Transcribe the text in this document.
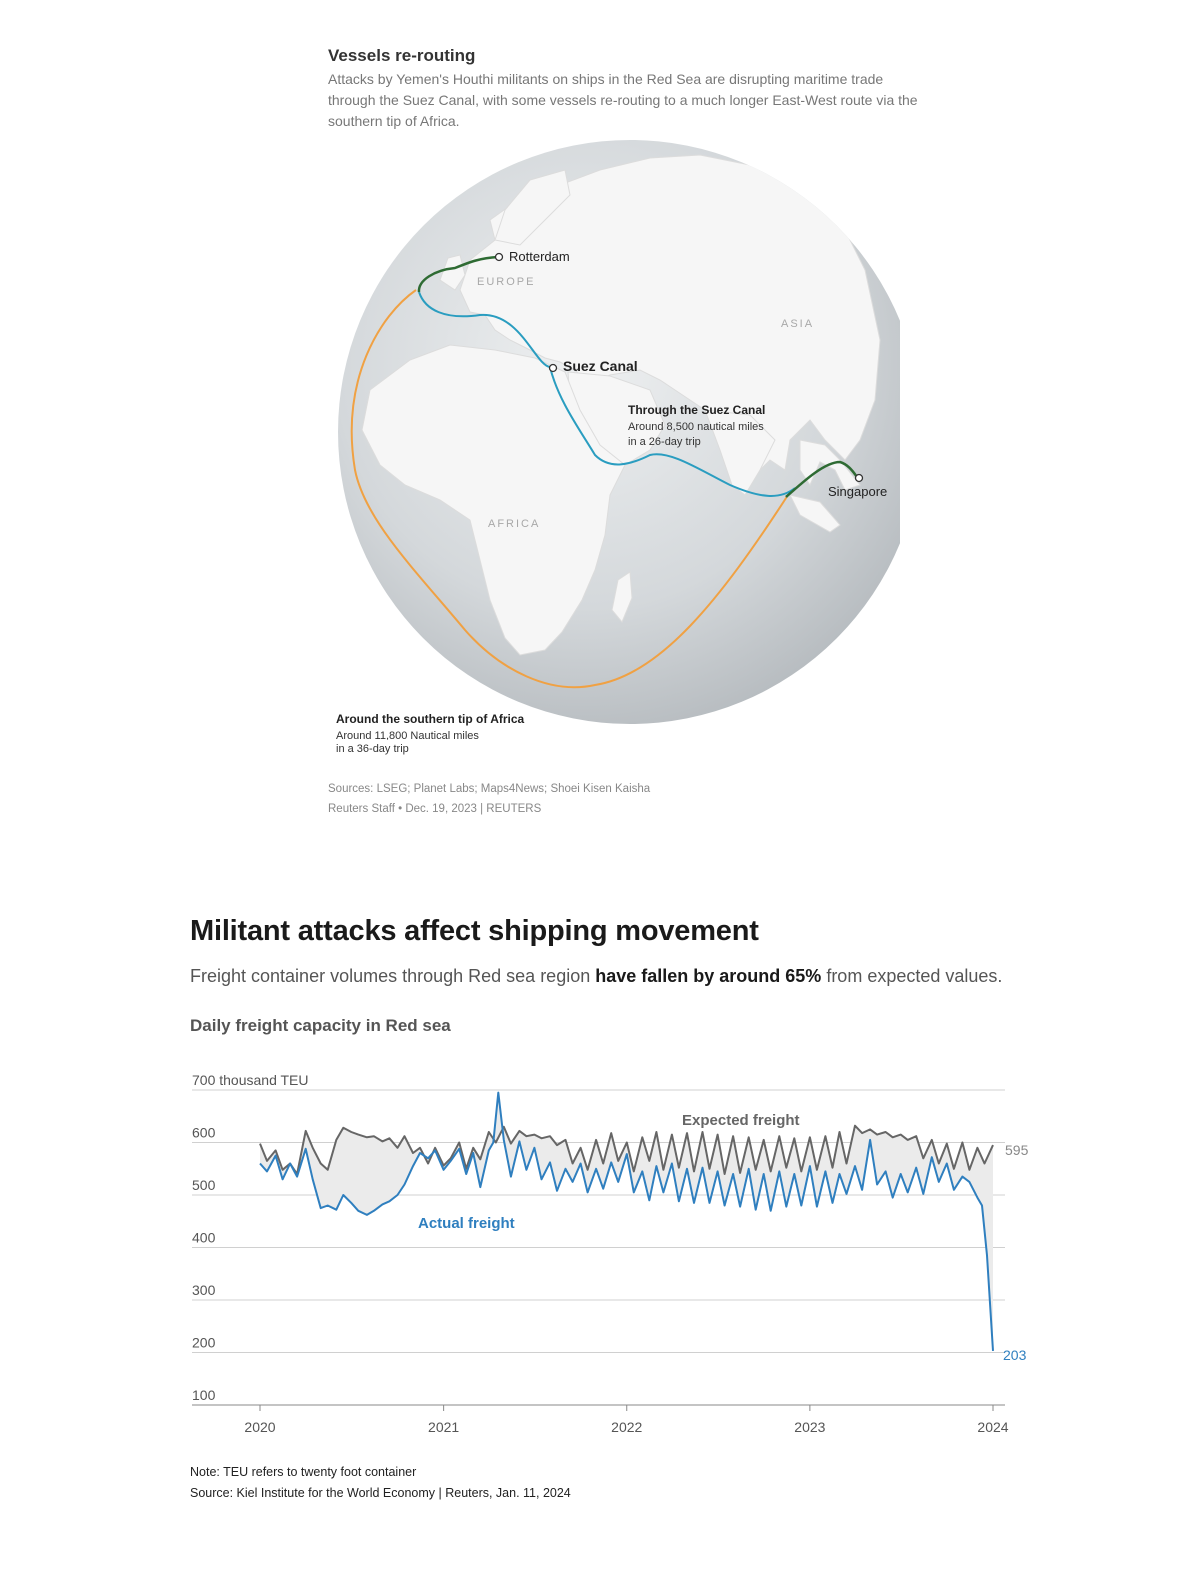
Vessels re-routing

Attacks by Yemen's Houthi militants on ships in the Red Sea are disrupting maritime trade through the Suez Canal, with some vessels re-routing to a much longer East-West route via the southern tip of Africa.

Rotterdam
Suez Canal
Singapore
EUROPE
ASIA
AFRICA
Through the Suez Canal
Around 8,500 nautical miles
in a 26-day trip
Around the southern tip of Africa
Around 11,800 Nautical miles

in a 36-day trip

Sources: LSEG; Planet Labs; Maps4News; Shoei Kisen Kaisha

Reuters Staff • Dec. 19, 2023 | REUTERS

Militant attacks affect shipping movement

Freight container volumes through Red sea region have fallen by around 65% from expected values.

Daily freight capacity in Red sea

700 thousand TEU
600
500
400
300
200
100
2020	2021	2022	2023	2024
Expected freight
Actual freight
595
203

Note: TEU refers to twenty foot container

Source: Kiel Institute for the World Economy | Reuters, Jan. 11, 2024
